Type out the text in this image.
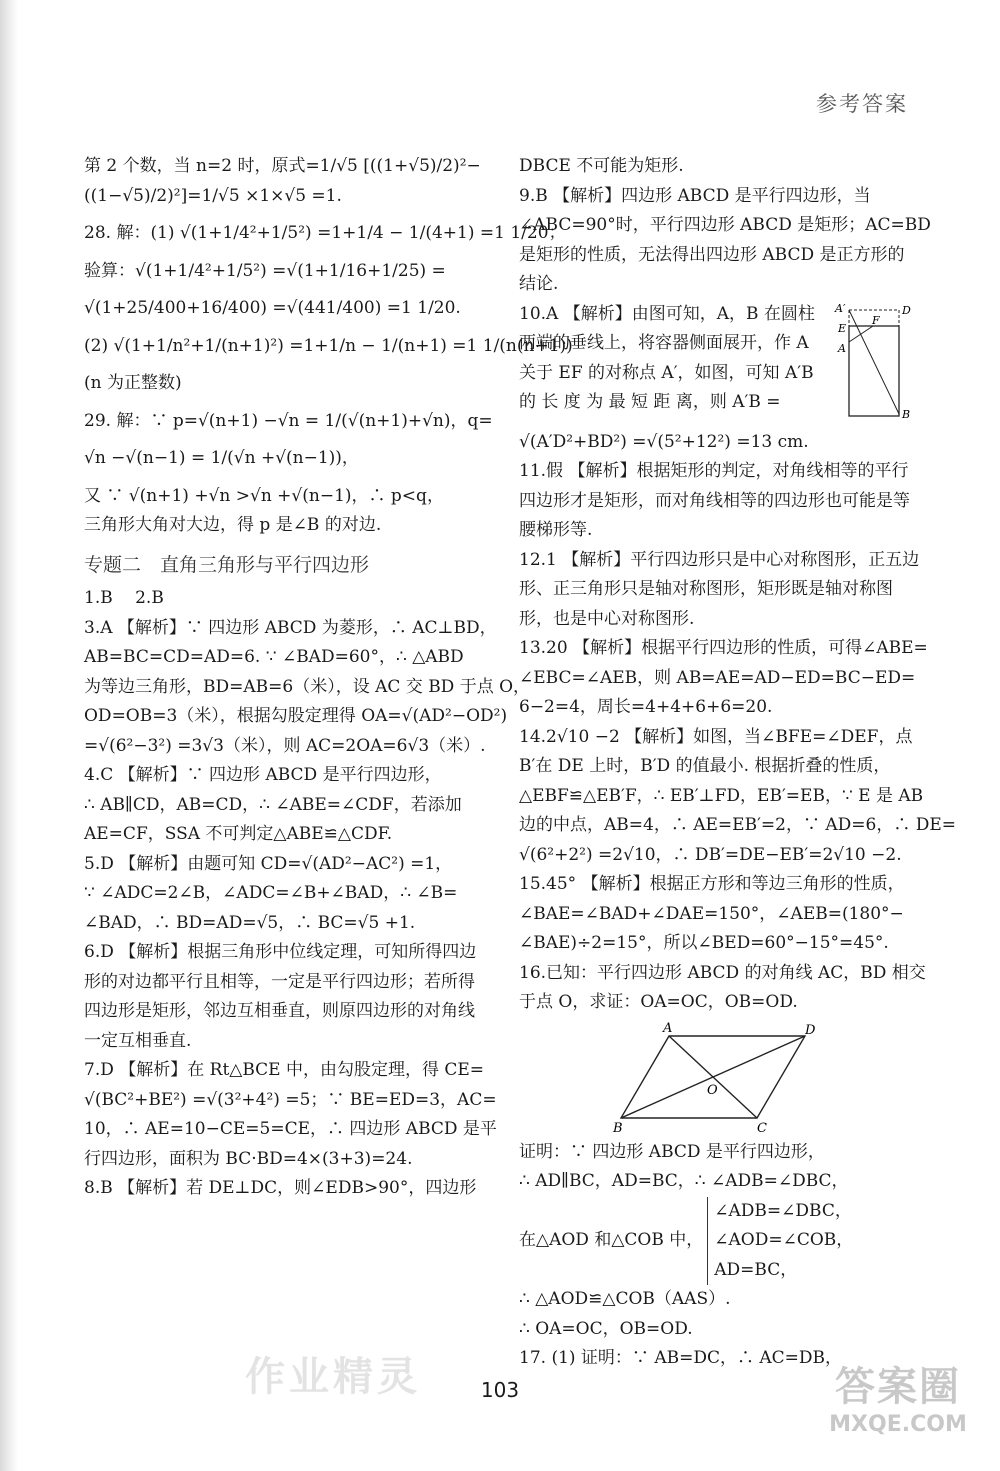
参考答案
第 2 个数，当 n=2 时，原式=1/√5 [((1+√5)/2)²−
((1−√5)/2)²]=1/√5 ×1×√5 =1.
28. 解：(1) √(1+1/4²+1/5²) =1+1/4 − 1/(4+1) =1 1/20；
验算：√(1+1/4²+1/5²) =√(1+1/16+1/25) =
√(1+25/400+16/400) =√(441/400) =1 1/20.
(2) √(1+1/n²+1/(n+1)²) =1+1/n − 1/(n+1) =1 1/(n(n+1))
(n 为正整数)
29. 解：∵ p=√(n+1) −√n = 1/(√(n+1)+√n)，q=
√n −√(n−1) = 1/(√n +√(n−1))，
又 ∵ √(n+1) +√n >√n +√(n−1)，∴ p<q，
三角形大角对大边，得 p 是∠B 的对边.
专题二　直角三角形与平行四边形
1.B　 2.B
3.A 【解析】∵ 四边形 ABCD 为菱形，∴ AC⊥BD，
AB=BC=CD=AD=6. ∵ ∠BAD=60°，∴ △ABD
为等边三角形，BD=AB=6（米），设 AC 交 BD 于点 O，
OD=OB=3（米），根据勾股定理得 OA=√(AD²−OD²)
=√(6²−3²) =3√3（米），则 AC=2OA=6√3（米）.
4.C 【解析】∵ 四边形 ABCD 是平行四边形，
∴ AB∥CD，AB=CD，∴ ∠ABE=∠CDF，若添加
AE=CF，SSA 不可判定△ABE≌△CDF.
5.D 【解析】由题可知 CD=√(AD²−AC²) =1，
∵ ∠ADC=2∠B，∠ADC=∠B+∠BAD，∴ ∠B=
∠BAD，∴ BD=AD=√5，∴ BC=√5 +1.
6.D 【解析】根据三角形中位线定理，可知所得四边
形的对边都平行且相等，一定是平行四边形；若所得
四边形是矩形，邻边互相垂直，则原四边形的对角线
一定互相垂直.
7.D 【解析】在 Rt△BCE 中，由勾股定理，得 CE=
√(BC²+BE²) =√(3²+4²) =5；∵ BE=ED=3，AC=
10，∴ AE=10−CE=5=CE，∴ 四边形 ABCD 是平
行四边形，面积为 BC·BD=4×(3+3)=24.
8.B 【解析】若 DE⊥DC，则∠EDB>90°，四边形
DBCE 不可能为矩形.
9.B 【解析】四边形 ABCD 是平行四边形，当
∠ABC=90°时，平行四边形 ABCD 是矩形；AC=BD
是矩形的性质，无法得出四边形 ABCD 是正方形的
结论.
10.A 【解析】由图可知，A，B 在圆柱
两端的垂线上，将容器侧面展开，作 A
关于 EF 的对称点 A′，如图，可知 A′B
的 长 度 为 最 短 距 离，则 A′B =
A′	D
E
F
A
B
√(A′D²+BD²) =√(5²+12²) =13 cm.
11.假 【解析】根据矩形的判定，对角线相等的平行
四边形才是矩形，而对角线相等的四边形也可能是等
腰梯形等.
12.1 【解析】平行四边形只是中心对称图形，正五边
形、正三角形只是轴对称图形，矩形既是轴对称图
形，也是中心对称图形.
13.20 【解析】根据平行四边形的性质，可得∠ABE=
∠EBC=∠AEB，则 AB=AE=AD−ED=BC−ED=
6−2=4，周长=4+4+6+6=20.
14.2√10 −2 【解析】如图，当∠BFE=∠DEF，点
B′在 DE 上时，B′D 的值最小. 根据折叠的性质，
△EBF≌△EB′F，∴ EB′⊥FD，EB′=EB，∵ E 是 AB
边的中点，AB=4，∴ AE=EB′=2，∵ AD=6，∴ DE=
√(6²+2²) =2√10，∴ DB′=DE−EB′=2√10 −2.
15.45° 【解析】根据正方形和等边三角形的性质，
∠BAE=∠BAD+∠DAE=150°，∠AEB=(180°−
∠BAE)÷2=15°，所以∠BED=60°−15°=45°.
16.已知：平行四边形 ABCD 的对角线 AC，BD 相交
于点 O，求证：OA=OC，OB=OD.
A	D
O
B	C
证明：∵ 四边形 ABCD 是平行四边形，
∴ AD∥BC，AD=BC，∴ ∠ADB=∠DBC，
在△AOD 和△COB 中，
∠ADB=∠DBC，
∠AOD=∠COB，
AD=BC，
∴ △AOD≌△COB（AAS）.
∴ OA=OC，OB=OD.
17. (1) 证明：∵ AB=DC，∴ AC=DB，
作业精灵	103	答案圈
MXQE.COM
